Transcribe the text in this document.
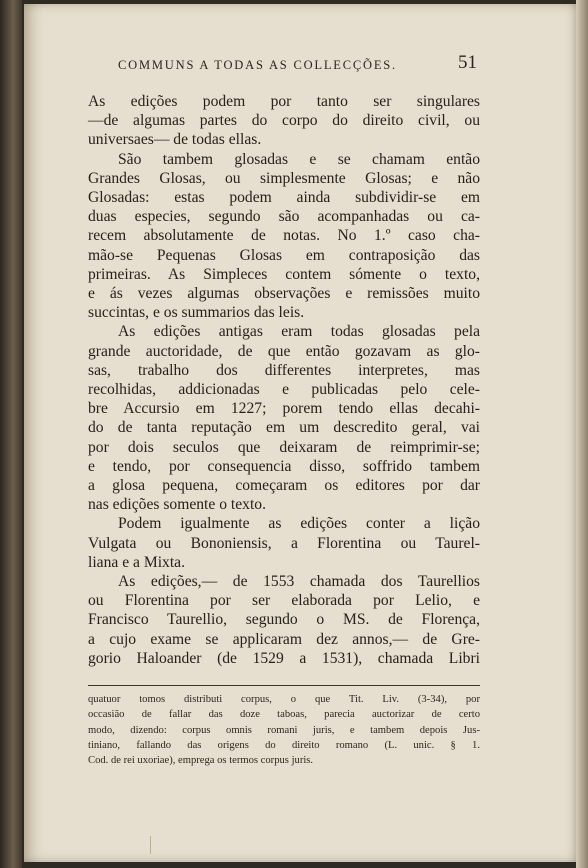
COMMUNS A TODAS AS COLLECÇÕES.	51
As edições podem por tanto ser singulares
—de algumas partes do corpo do direito civil, ou
universaes— de todas ellas.
São tambem glosadas e se chamam então
Grandes Glosas, ou simplesmente Glosas; e não
Glosadas: estas podem ainda subdividir-se em
duas especies, segundo são acompanhadas ou ca-
recem absolutamente de notas. No 1.º caso cha-
mão-se Pequenas Glosas em contraposição das
primeiras. As Simpleces contem sómente o texto,
e ás vezes algumas observações e remissões muito
succintas, e os summarios das leis.
As edições antigas eram todas glosadas pela
grande auctoridade, de que então gozavam as glo-
sas, trabalho dos differentes interpretes, mas
recolhidas, addicionadas e publicadas pelo cele-
bre Accursio em 1227; porem tendo ellas decahi-
do de tanta reputação em um descredito geral, vai
por dois seculos que deixaram de reimprimir-se;
e tendo, por consequencia disso, soffrido tambem
a glosa pequena, começaram os editores por dar
nas edições somente o texto.
Podem igualmente as edições conter a lição
Vulgata ou Bononiensis, a Florentina ou Taurel-
liana e a Mixta.
As edições,— de 1553 chamada dos Taurellios
ou Florentina por ser elaborada por Lelio, e
Francisco Taurellio, segundo o MS. de Florença,
a cujo exame se applicaram dez annos,— de Gre-
gorio Haloander (de 1529 a 1531), chamada Libri
quatuor tomos distributi corpus, o que Tit. Liv. (3-34), por
occasião de fallar das doze taboas, parecia auctorizar de certo
modo, dizendo: corpus omnis romani juris, e tambem depois Jus-
tiniano, fallando das origens do direito romano (L. unic. § 1.
Cod. de rei uxoriae), emprega os termos corpus juris.
